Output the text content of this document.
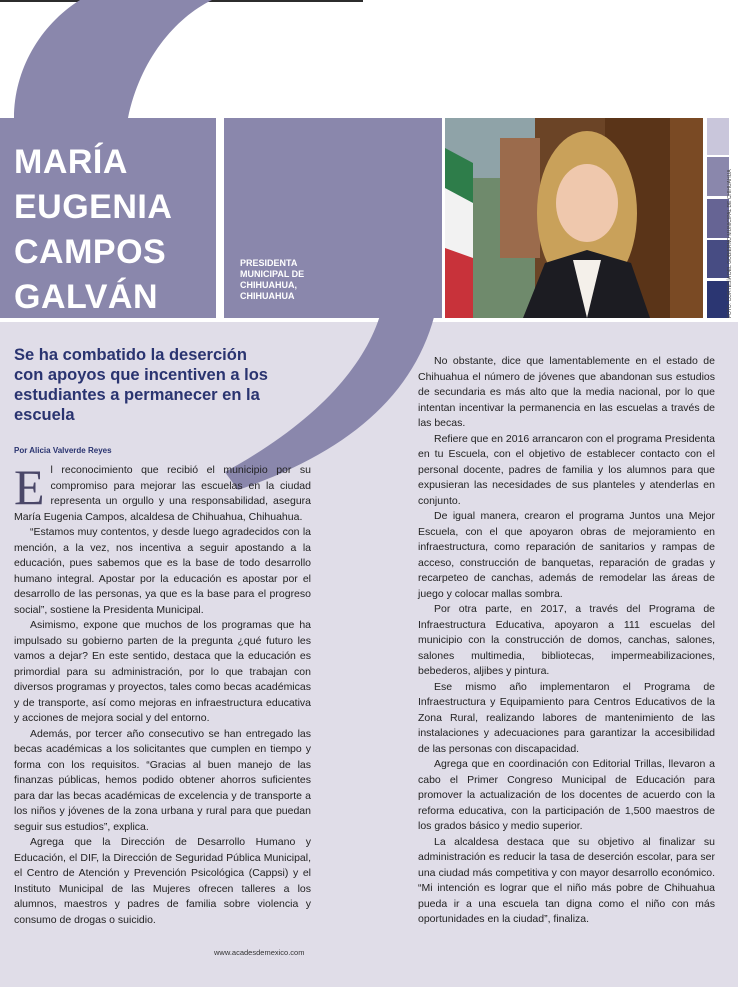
MARÍA
EUGENIA
CAMPOS
GALVÁN

PRESIDENTA
MUNICIPAL DE
CHIHUAHUA,
CHIHUAHUA	FOTO: CORTESÍA DEL GOBIERNO MUNICIPAL DE CHIHUAHUA

Se ha combatido la deserción con apoyos que incentiven a los estudiantes a permanecer en la escuela

Por Alicia Valverde Reyes

El reconocimiento que recibió el municipio por su compromiso para mejorar las escuelas en la ciudad representa un orgullo y una responsabilidad, asegura María Eugenia Campos, alcaldesa de Chihuahua, Chihuahua.

“Estamos muy contentos, y desde luego agradecidos con la mención, a la vez, nos incentiva a seguir apostando a la educación, pues sabemos que es la base de todo desarrollo humano integral. Apostar por la educación es apostar por el desarrollo de las personas, ya que es la base para el progreso social”, sostiene la Presidenta Municipal.

Asimismo, expone que muchos de los programas que ha impulsado su gobierno parten de la pregunta ¿qué futuro les vamos a dejar? En este sentido, destaca que la educación es primordial para su administración, por lo que trabajan con diversos programas y proyectos, tales como becas académicas y de transporte, así como mejoras en infraestructura educativa y acciones de mejora social y del entorno.

Además, por tercer año consecutivo se han entregado las becas académicas a los solicitantes que cumplen en tiempo y forma con los requisitos. “Gracias al buen manejo de las finanzas públicas, hemos podido obtener ahorros suficientes para dar las becas académicas de excelencia y de transporte a los niños y jóvenes de la zona urbana y rural para que puedan seguir sus estudios”, explica.

Agrega que la Dirección de Desarrollo Humano y Educación, el DIF, la Dirección de Seguridad Pública Municipal, el Centro de Atención y Prevención Psicológica (Cappsi) y el Instituto Municipal de las Mujeres ofrecen talleres a los alumnos, maestros y padres de familia sobre violencia y consumo de drogas o suicidio.

No obstante, dice que lamentablemente en el estado de Chihuahua el número de jóvenes que abandonan sus estudios de secundaria es más alto que la media nacional, por lo que intentan incentivar la permanencia en las escuelas a través de las becas.

Refiere que en 2016 arrancaron con el programa Presidenta en tu Escuela, con el objetivo de establecer contacto con el personal docente, padres de familia y los alumnos para que expusieran las necesidades de sus planteles y atenderlas en conjunto.

De igual manera, crearon el programa Juntos una Mejor Escuela, con el que apoyaron obras de mejoramiento en infraestructura, como reparación de sanitarios y rampas de acceso, construcción de banquetas, reparación de gradas y recarpeteo de canchas, además de remodelar las áreas de juego y colocar mallas sombra.

Por otra parte, en 2017, a través del Programa de Infraestructura Educativa, apoyaron a 111 escuelas del municipio con la construcción de domos, canchas, salones, salones multimedia, bibliotecas, impermeabilizaciones, bebederos, aljibes y pintura.

Ese mismo año implementaron el Programa de Infraestructura y Equipamiento para Centros Educativos de la Zona Rural, realizando labores de mantenimiento de las instalaciones y adecuaciones para garantizar la accesibilidad de las personas con discapacidad.

Agrega que en coordinación con Editorial Trillas, llevaron a cabo el Primer Congreso Municipal de Educación para promover la actualización de los docentes de acuerdo con la reforma educativa, con la participación de 1,500 maestros de los grados básico y medio superior.

La alcaldesa destaca que su objetivo al finalizar su administración es reducir la tasa de deserción escolar, para ser una ciudad más competitiva y con mayor desarrollo económico. “Mi intención es lograr que el niño más pobre de Chihuahua pueda ir a una escuela tan digna como el niño con más oportunidades en la ciudad”, finaliza.

www.acadesdemexico.com
